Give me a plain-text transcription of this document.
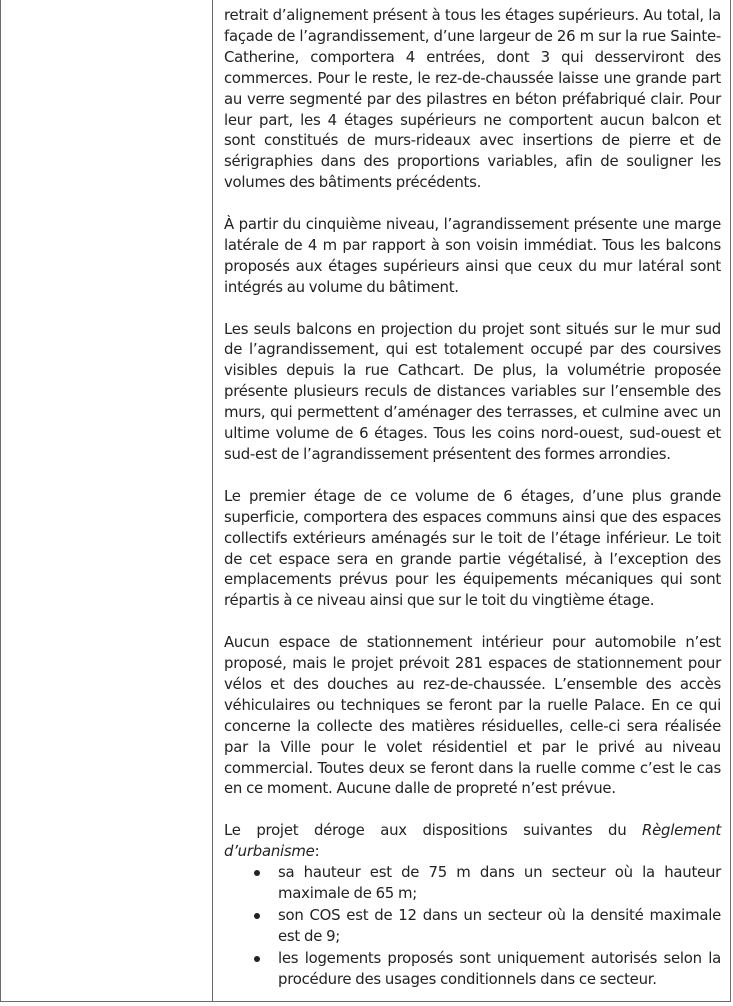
retrait d’alignement présent à tous les étages supérieurs. Au total, la façade de l’agrandissement, d’une largeur de 26 m sur la rue Sainte-Catherine, comportera 4 entrées, dont 3 qui desserviront des commerces. Pour le reste, le rez-de-chaussée laisse une grande part au verre segmenté par des pilastres en béton préfabriqué clair. Pour leur part, les 4 étages supérieurs ne comportent aucun balcon et sont constitués de murs-rideaux avec insertions de pierre et de sérigraphies dans des proportions variables, afin de souligner les volumes des bâtiments précédents.

À partir du cinquième niveau, l’agrandissement présente une marge latérale de 4 m par rapport à son voisin immédiat. Tous les balcons proposés aux étages supérieurs ainsi que ceux du mur latéral sont intégrés au volume du bâtiment.

Les seuls balcons en projection du projet sont situés sur le mur sud de l’agrandissement, qui est totalement occupé par des coursives visibles depuis la rue Cathcart. De plus, la volumétrie proposée présente plusieurs reculs de distances variables sur l’ensemble des murs, qui permettent d’aménager des terrasses, et culmine avec un ultime volume de 6 étages. Tous les coins nord-ouest, sud-ouest et sud-est de l’agrandissement présentent des formes arrondies.

Le premier étage de ce volume de 6 étages, d’une plus grande superficie, comportera des espaces communs ainsi que des espaces collectifs extérieurs aménagés sur le toit de l’étage inférieur. Le toit de cet espace sera en grande partie végétalisé, à l’exception des emplacements prévus pour les équipements mécaniques qui sont répartis à ce niveau ainsi que sur le toit du vingtième étage.

Aucun espace de stationnement intérieur pour automobile n’est proposé, mais le projet prévoit 281 espaces de stationnement pour vélos et des douches au rez-de-chaussée. L’ensemble des accès véhiculaires ou techniques se feront par la ruelle Palace. En ce qui concerne la collecte des matières résiduelles, celle-ci sera réalisée par la Ville pour le volet résidentiel et par le privé au niveau commercial. Toutes deux se feront dans la ruelle comme c’est le cas en ce moment. Aucune dalle de propreté n’est prévue.

Le projet déroge aux dispositions suivantes du Règlement d’urbanisme:
sa hauteur est de 75 m dans un secteur où la hauteur maximale de 65 m;
son COS est de 12 dans un secteur où la densité maximale est de 9;
les logements proposés sont uniquement autorisés selon la procédure des usages conditionnels dans ce secteur.
